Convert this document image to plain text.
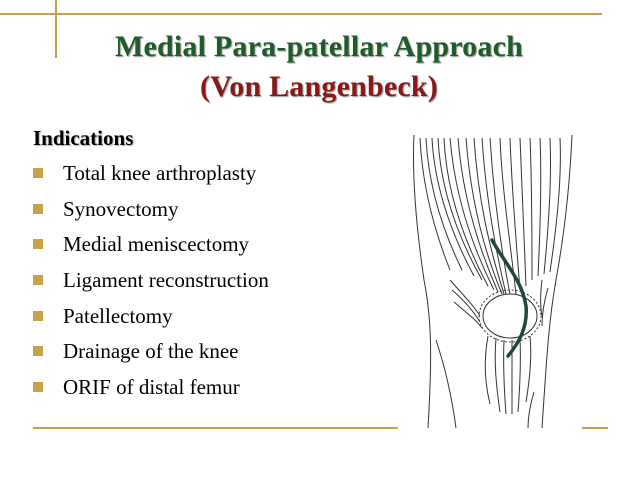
Medial Para-patellar Approach
(Von Langenbeck)
Indications
Total knee arthroplasty
Synovectomy
Medial meniscectomy
Ligament reconstruction
Patellectomy
Drainage of the knee
ORIF of distal femur
